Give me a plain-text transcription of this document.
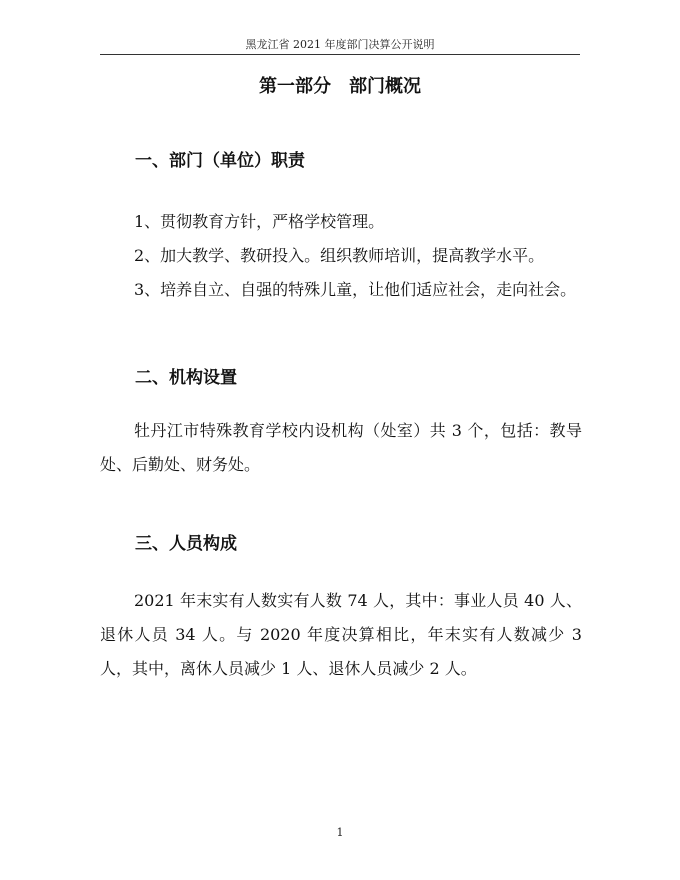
黑龙江省 2021 年度部门决算公开说明
第一部分　部门概况
一、部门（单位）职责

1、贯彻教育方针，严格学校管理。

2、加大教学、教研投入。组织教师培训，提高教学水平。

3、培养自立、自强的特殊儿童，让他们适应社会，走向社会。

二、机构设置

牡丹江市特殊教育学校内设机构（处室）共 3 个，包括：教导处、后勤处、财务处。

三、人员构成

2021 年末实有人数实有人数 74 人，其中：事业人员 40 人、退休人员 34 人。与 2020 年度决算相比，年末实有人数减少 3 人，其中，离休人员减少 1 人、退休人员减少 2 人。

1
